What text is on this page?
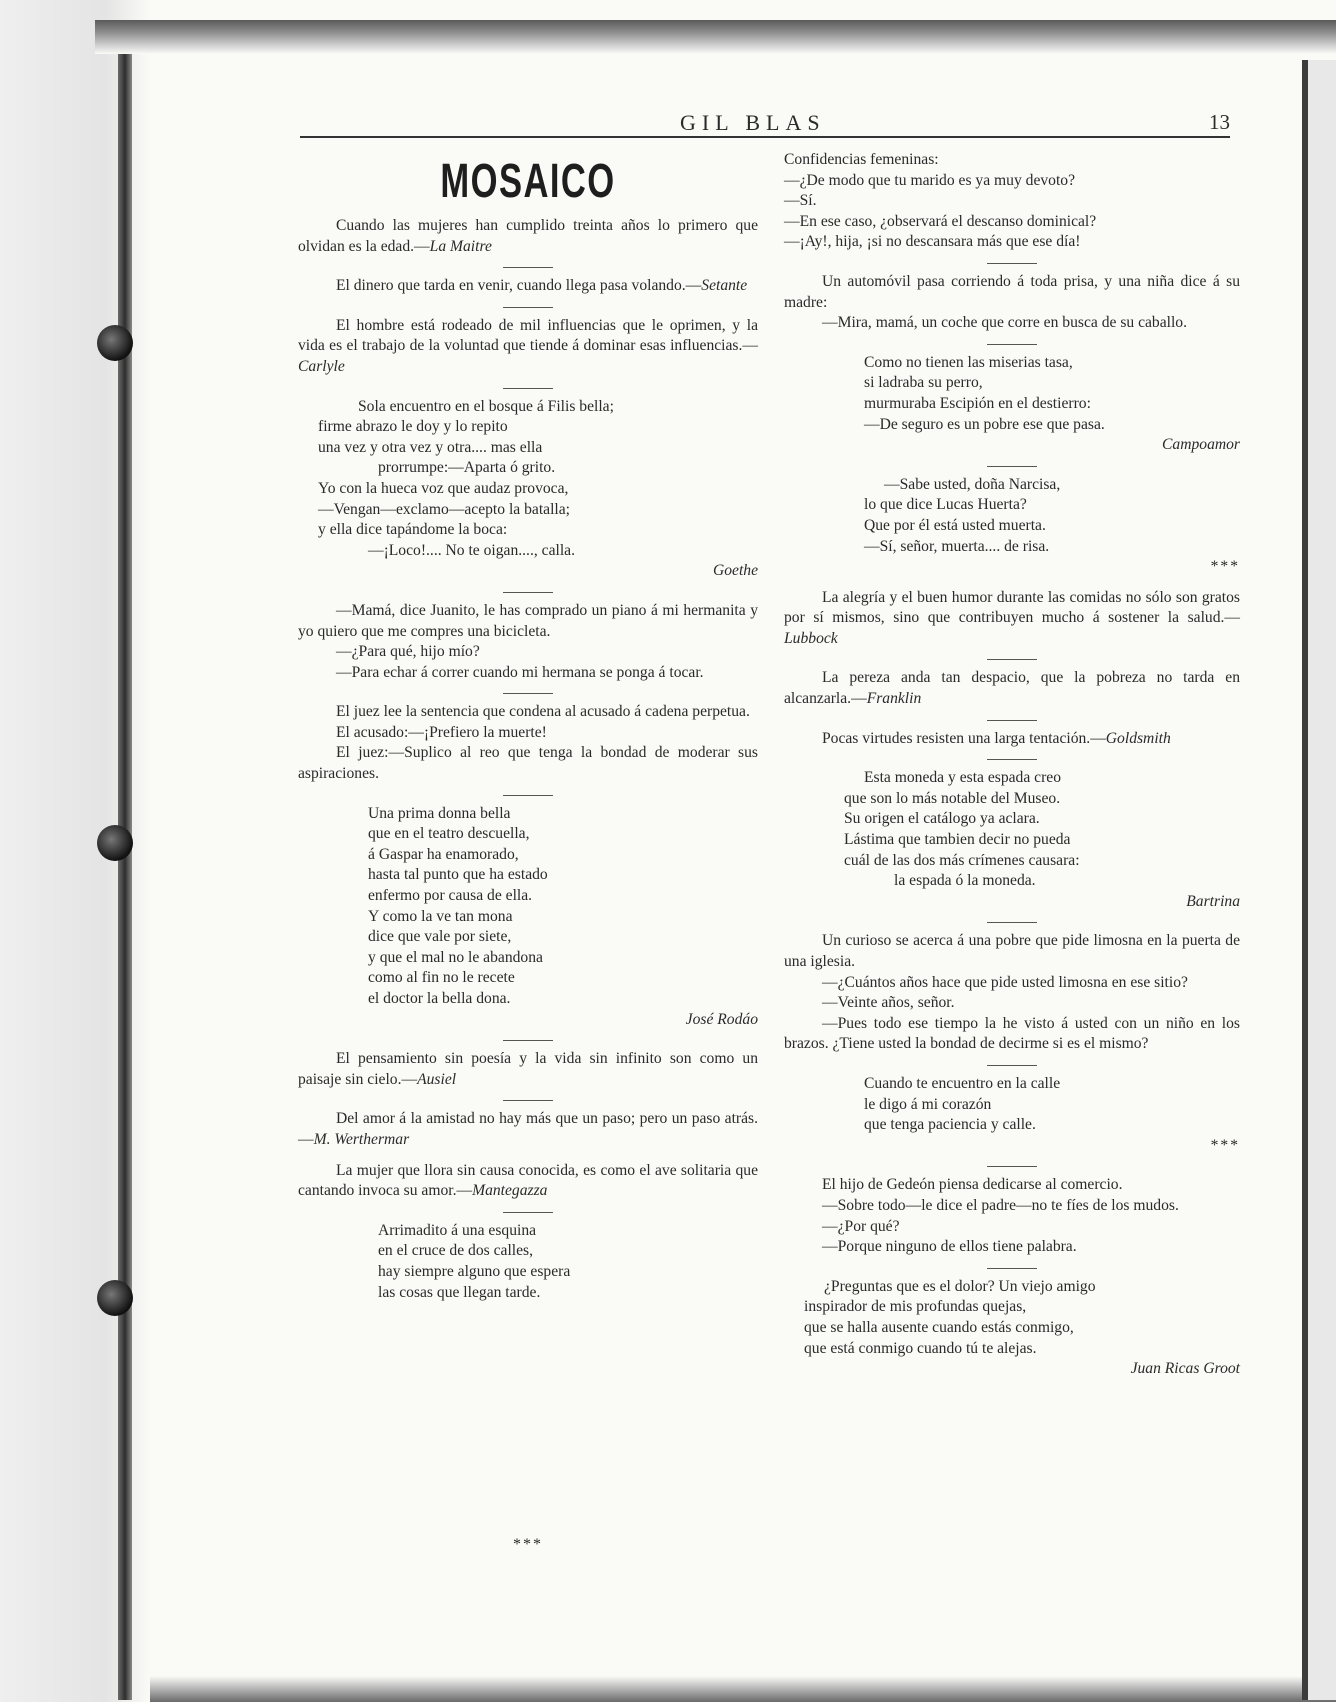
GIL BLAS	13
MOSAICO

Cuando las mujeres han cumplido treinta años lo primero que olvidan es la edad.—La Maitre

El dinero que tarda en venir, cuando llega pasa volando.—Setante

El hombre está rodeado de mil influencias que le oprimen, y la vida es el trabajo de la voluntad que tiende á dominar esas influencias.—Carlyle

Sola encuentro en el bosque á Filis bella;
firme abrazo le doy y lo repito
una vez y otra vez y otra.... mas ella
prorrumpe:—Aparta ó grito.
Yo con la hueca voz que audaz provoca,
—Vengan—exclamo—acepto la batalla;
y ella dice tapándome la boca:
—¡Loco!.... No te oigan...., calla.

Goethe

—Mamá, dice Juanito, le has comprado un piano á mi hermanita y yo quiero que me compres una bicicleta.

—¿Para qué, hijo mío?

—Para echar á correr cuando mi hermana se ponga á tocar.

El juez lee la sentencia que condena al acusado á cadena perpetua.

El acusado:—¡Prefiero la muerte!

El juez:—Suplico al reo que tenga la bondad de moderar sus aspiraciones.

Una prima donna bella
que en el teatro descuella,
á Gaspar ha enamorado,
hasta tal punto que ha estado
enfermo por causa de ella.
Y como la ve tan mona
dice que vale por siete,
y que el mal no le abandona
como al fin no le recete
el doctor la bella dona.

José Rodáo

El pensamiento sin poesía y la vida sin infinito son como un paisaje sin cielo.—Ausiel

Del amor á la amistad no hay más que un paso; pero un paso atrás.—M. Werthermar

La mujer que llora sin causa conocida, es como el ave solitaria que cantando invoca su amor.—Mantegazza

Arrimadito á una esquina
en el cruce de dos calles,
hay siempre alguno que espera
las cosas que llegan tarde.

Confidencias femeninas:

—¿De modo que tu marido es ya muy devoto?

—Sí.

—En ese caso, ¿observará el descanso dominical?

—¡Ay!, hija, ¡si no descansara más que ese día!

Un automóvil pasa corriendo á toda prisa, y una niña dice á su madre:

—Mira, mamá, un coche que corre en busca de su caballo.

Como no tienen las miserias tasa,
si ladraba su perro,
murmuraba Escipión en el destierro:
—De seguro es un pobre ese que pasa.

Campoamor

—Sabe usted, doña Narcisa,
lo que dice Lucas Huerta?
Que por él está usted muerta.
—Sí, señor, muerta.... de risa.

***

La alegría y el buen humor durante las comidas no sólo son gratos por sí mismos, sino que contribuyen mucho á sostener la salud.—Lubbock

La pereza anda tan despacio, que la pobreza no tarda en alcanzarla.—Franklin

Pocas virtudes resisten una larga tentación.—Goldsmith

Esta moneda y esta espada creo
que son lo más notable del Museo.
Su origen el catálogo ya aclara.
Lástima que tambien decir no pueda
cuál de las dos más crímenes causara:
la espada ó la moneda.

Bartrina

Un curioso se acerca á una pobre que pide limosna en la puerta de una iglesia.

—¿Cuántos años hace que pide usted limosna en ese sitio?

—Veinte años, señor.

—Pues todo ese tiempo la he visto á usted con un niño en los brazos. ¿Tiene usted la bondad de decirme si es el mismo?

Cuando te encuentro en la calle
le digo á mi corazón
que tenga paciencia y calle.

***

El hijo de Gedeón piensa dedicarse al comercio.

—Sobre todo—le dice el padre—no te fíes de los mudos.

—¿Por qué?

—Porque ninguno de ellos tiene palabra.

¿Preguntas que es el dolor? Un viejo amigo
inspirador de mis profundas quejas,
que se halla ausente cuando estás conmigo,
que está conmigo cuando tú te alejas.

Juan Ricas Groot

***
